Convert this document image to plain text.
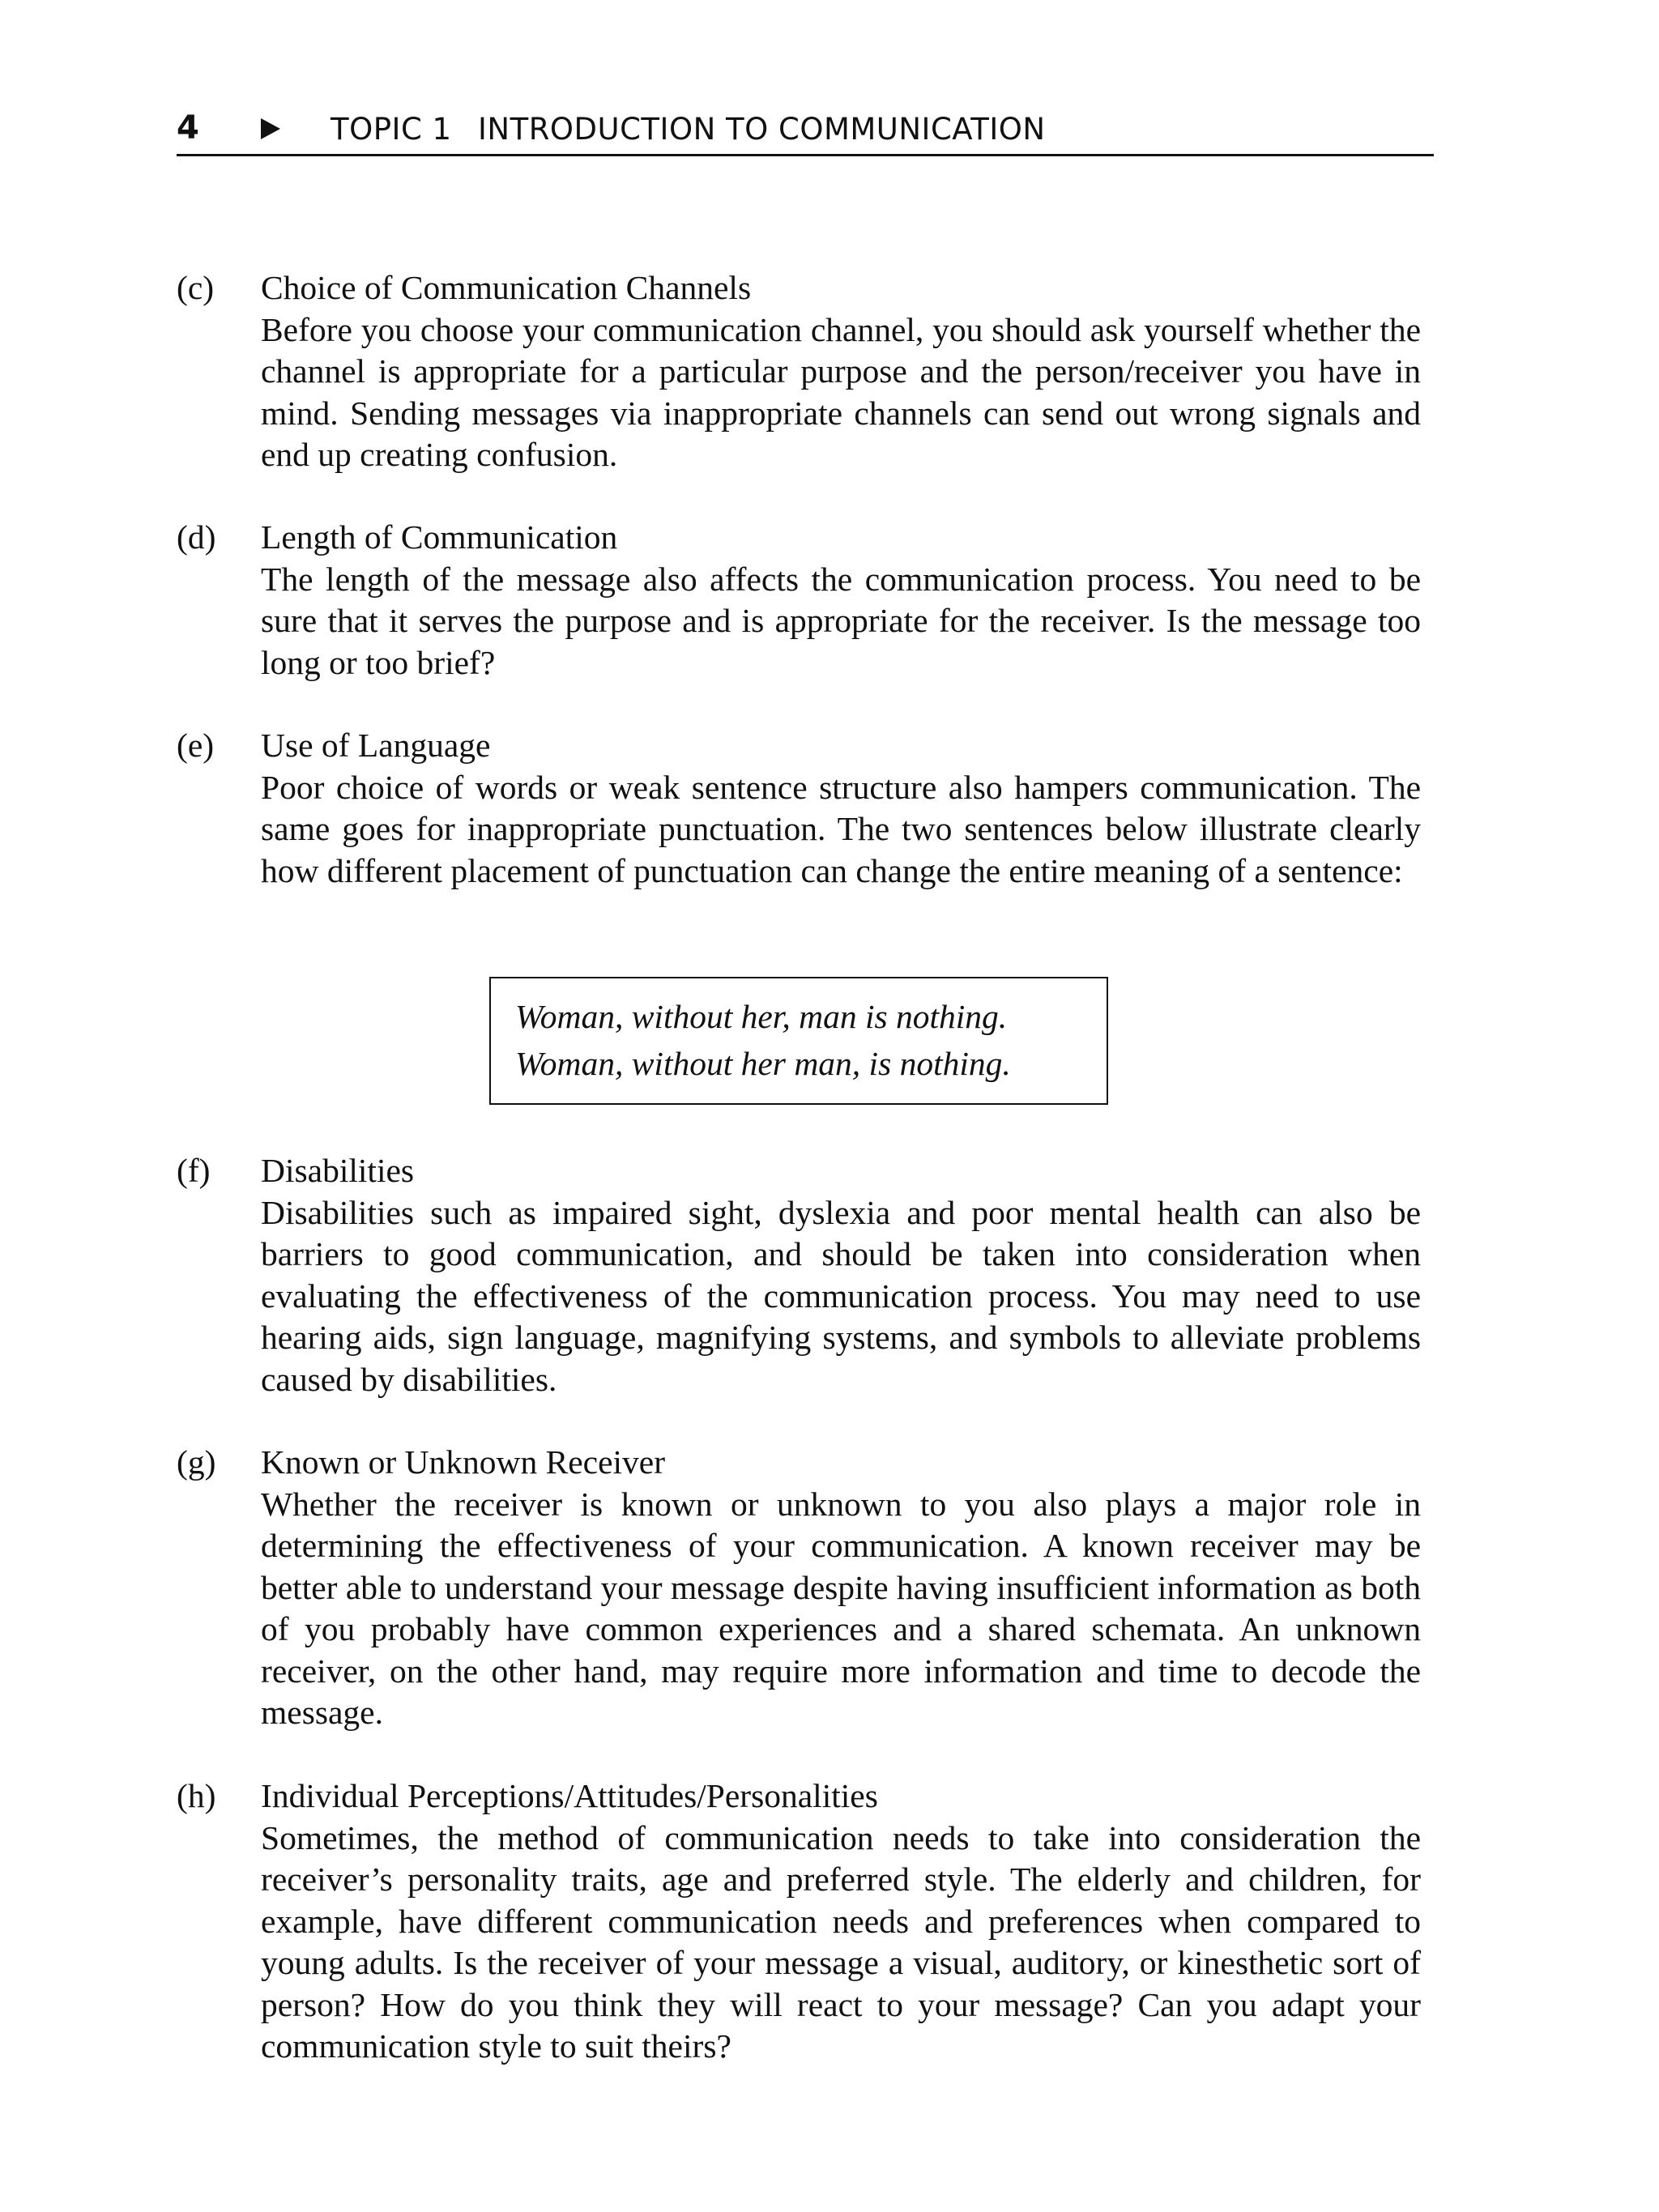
4	TOPIC 1 INTRODUCTION TO COMMUNICATION
(c)	Choice of Communication Channels
Before you choose your communication channel, you should ask yourself whether the channel is appropriate for a particular purpose and the person/receiver you have in mind. Sending messages via inappropriate channels can send out wrong signals and end up creating confusion.
(d)	Length of Communication
The length of the message also affects the communication process. You need to be sure that it serves the purpose and is appropriate for the receiver. Is the message too long or too brief?
(e)	Use of Language
Poor choice of words or weak sentence structure also hampers communication. The same goes for inappropriate punctuation. The two sentences below illustrate clearly how different placement of punctuation can change the entire meaning of a sentence:
Woman, without her, man is nothing.
Woman, without her man, is nothing.
(f)	Disabilities
Disabilities such as impaired sight, dyslexia and poor mental health can also be barriers to good communication, and should be taken into consideration when evaluating the effectiveness of the communication process. You may need to use hearing aids, sign language, magnifying systems, and symbols to alleviate problems caused by disabilities.
(g)	Known or Unknown Receiver
Whether the receiver is known or unknown to you also plays a major role in determining the effectiveness of your communication. A known receiver may be better able to understand your message despite having insufficient information as both of you probably have common experiences and a shared schemata. An unknown receiver, on the other hand, may require more information and time to decode the message.
(h)	Individual Perceptions/Attitudes/Personalities
Sometimes, the method of communication needs to take into consideration the receiver’s personality traits, age and preferred style. The elderly and children, for example, have different communication needs and preferences when compared to young adults. Is the receiver of your message a visual, auditory, or kinesthetic sort of person? How do you think they will react to your message? Can you adapt your communication style to suit theirs?
